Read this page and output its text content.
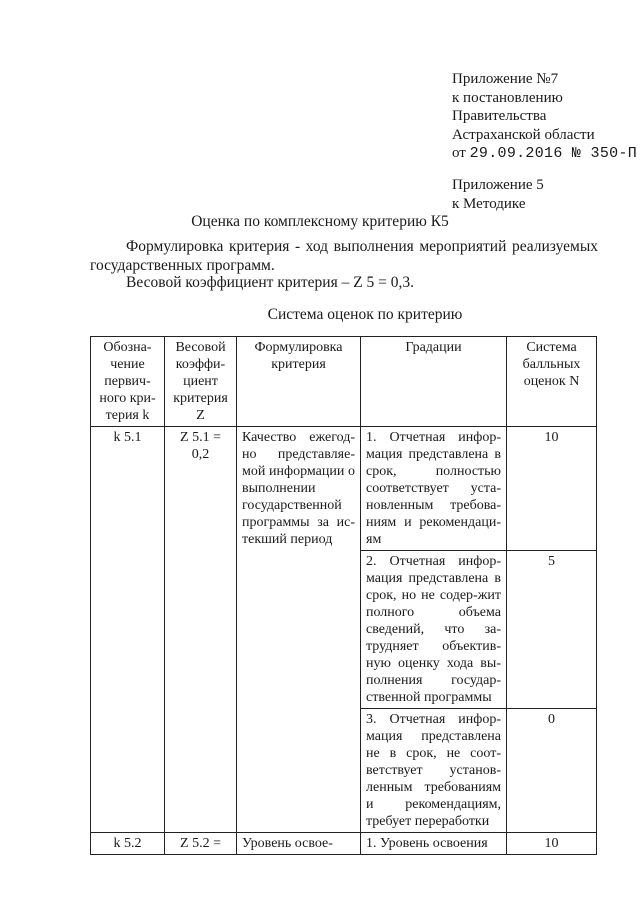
Приложение №7
к постановлению
Правительства
Астраханской области
от 29.09.2016 № 350-П
Приложение 5
к Методике
Оценка по комплексному критерию К5
Формулировка критерия - ход выполнения мероприятий реализуемых государственных программ.
Весовой коэффициент критерия – Z 5 = 0,3.
Система оценок по критерию
Обозна-чение первич-ного кри-терия k	Весовой коэффи-циент критерия Z	Формулировка критерия	Градации	Система балльных оценок N
k 5.1	Z 5.1 = 0,2	Качество ежегод-но представляе-мой информации о выполнении государственной программы за ис-текший период	1. Отчетная инфор-мация представлена в срок, полностью соответствует уста-новленным требова-ниям и рекомендаци-ям	10
			2. Отчетная инфор-мация представлена в срок, но не содер-жит полного объема сведений, что за-трудняет объектив-ную оценку хода вы-полнения государ-ственной программы	5
			3. Отчетная инфор-мация представлена не в срок, не соот-ветствует установ-ленным требованиям и рекомендациям, требует переработки	0
k 5.2	Z 5.2 =	Уровень освое-	1. Уровень освоения	10
